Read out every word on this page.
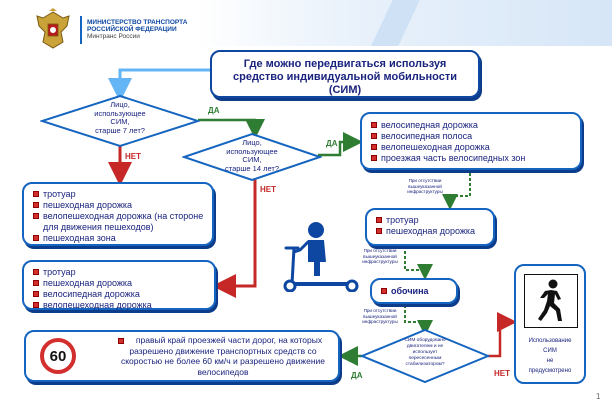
МИНИСТЕРСТВО ТРАНСПОРТА
РОССИЙСКОЙ ФЕДЕРАЦИИ
Минтранс России
Где можно передвигаться используя
средство индивидуальной мобильности
(СИМ)
Лицо,
использующее
СИМ,
старше 7 лет?
Лицо,
использующее
СИМ,
старше 14 лет?
ДА
НЕТ
ДА
НЕТ
ДА	НЕТ
велосипедная дорожка
велосипедная полоса
велопешеходная дорожка
проезжая часть велосипедных зон
тротуар
пешеходная дорожка
велопешеходная дорожка (на стороне для движения пешеходов)
пешеходная зона
При отсутствии
вышеуказанной
инфраструктуры
тротуар
пешеходная дорожка
При отсутствии
вышеуказанной
инфраструктуры
тротуар
пешеходная дорожка
велосипедная дорожка
велопешеходная дорожка
обочина
При отсутствии
вышеуказанной
инфраструктуры
СИМ оборудовано
двигателем и не
использует
пересесенным
стабилизатором?
60
правый край проезжей части дорог, на которых разрешено движение транспортных средств со скоростью не более 60 км/ч и разрешено движение велосипедов
Использование
СИМ
не
предусмотрено
1
